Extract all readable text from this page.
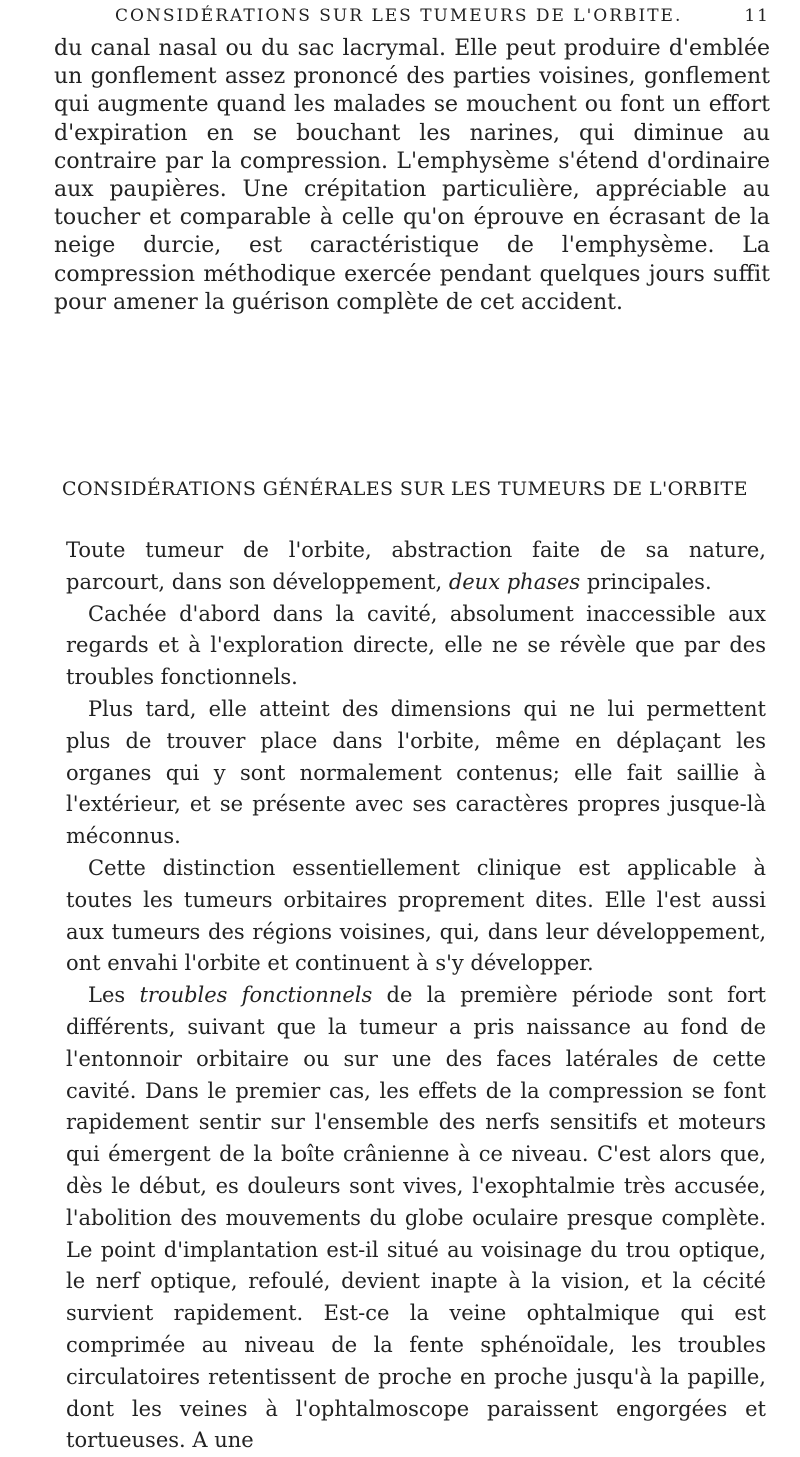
CONSIDÉRATIONS SUR LES TUMEURS DE L'ORBITE.	11

du canal nasal ou du sac lacrymal. Elle peut produire d'emblée un gonflement assez prononcé des parties voisines, gonflement qui augmente quand les malades se mouchent ou font un effort d'expiration en se bouchant les narines, qui diminue au contraire par la compression. L'emphysème s'étend d'ordinaire aux paupières. Une crépitation particulière, appréciable au toucher et comparable à celle qu'on éprouve en écrasant de la neige durcie, est caractéristique de l'emphysème. La compression méthodique exercée pendant quelques jours suffit pour amener la guérison complète de cet accident.

CONSIDÉRATIONS GÉNÉRALES SUR LES TUMEURS DE L'ORBITE

Toute tumeur de l'orbite, abstraction faite de sa nature, parcourt, dans son développement, deux phases principales.

Cachée d'abord dans la cavité, absolument inaccessible aux regards et à l'exploration directe, elle ne se révèle que par des troubles fonctionnels.

Plus tard, elle atteint des dimensions qui ne lui permettent plus de trouver place dans l'orbite, même en déplaçant les organes qui y sont normalement contenus; elle fait saillie à l'extérieur, et se présente avec ses caractères propres jusque-là méconnus.

Cette distinction essentiellement clinique est applicable à toutes les tumeurs orbitaires proprement dites. Elle l'est aussi aux tumeurs des régions voisines, qui, dans leur développement, ont envahi l'orbite et continuent à s'y développer.

Les troubles fonctionnels de la première période sont fort différents, suivant que la tumeur a pris naissance au fond de l'entonnoir orbitaire ou sur une des faces latérales de cette cavité. Dans le premier cas, les effets de la compression se font rapidement sentir sur l'ensemble des nerfs sensitifs et moteurs qui émergent de la boîte crânienne à ce niveau. C'est alors que, dès le début, es douleurs sont vives, l'exophtalmie très accusée, l'abolition des mouvements du globe oculaire presque complète. Le point d'implantation est-il situé au voisinage du trou optique, le nerf optique, refoulé, devient inapte à la vision, et la cécité survient rapidement. Est-ce la veine ophtalmique qui est comprimée au niveau de la fente sphénoïdale, les troubles circulatoires retentissent de proche en proche jusqu'à la papille, dont les veines à l'ophtalmoscope paraissent engorgées et tortueuses. A une
